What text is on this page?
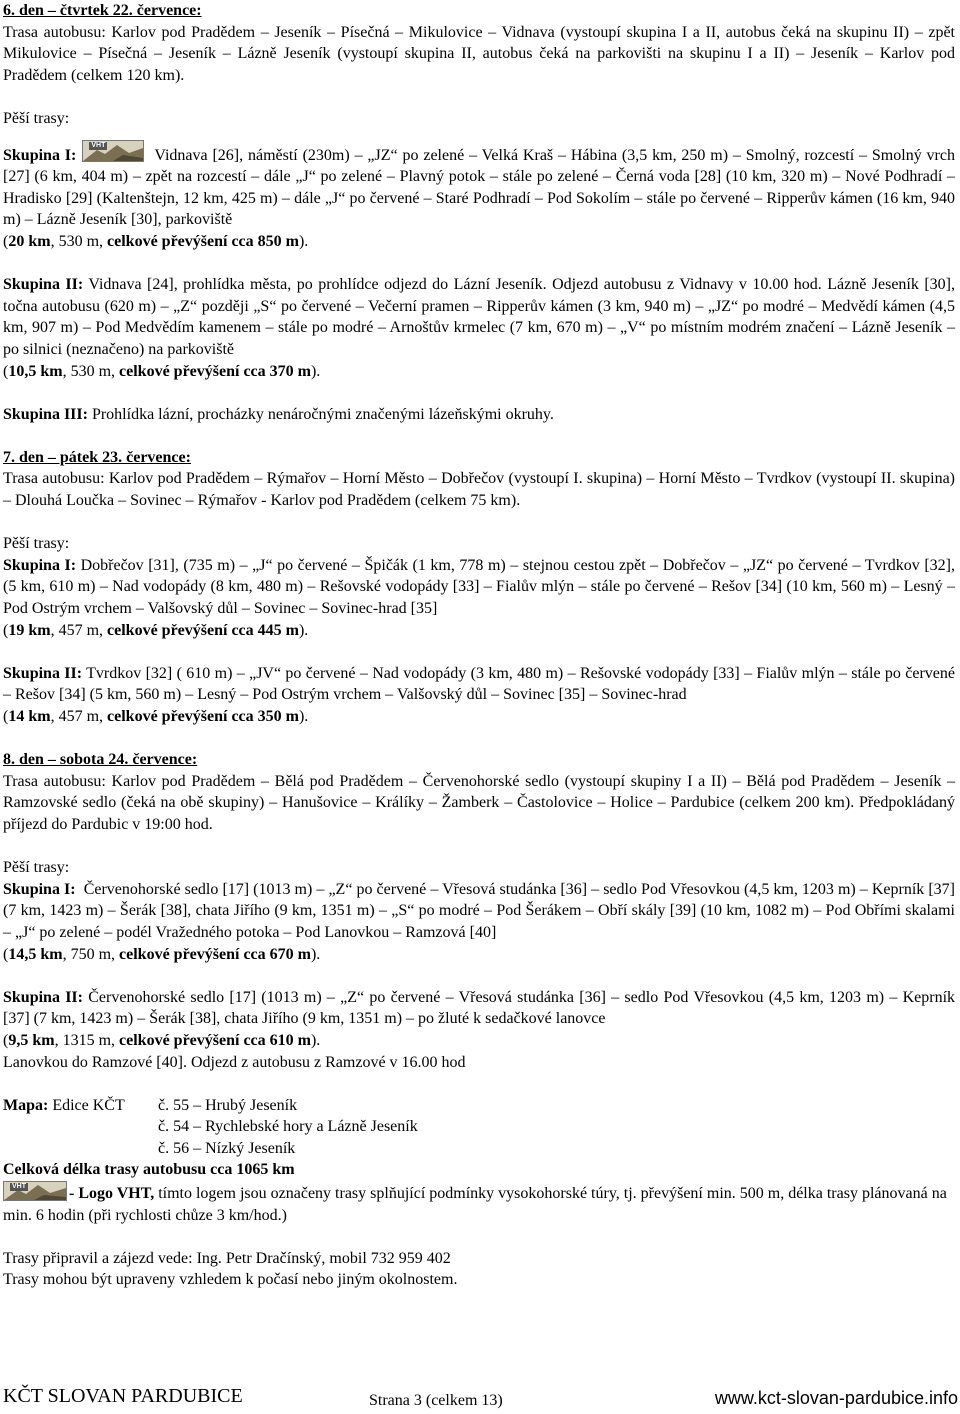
6. den – čtvrtek 22. července:

Trasa autobusu: Karlov pod Pradědem – Jeseník – Písečná – Mikulovice – Vidnava (vystoupí skupina I a II, autobus čeká na skupinu II) – zpět Mikulovice – Písečná – Jeseník – Lázně Jeseník (vystoupí skupina II, autobus čeká na parkovišti na skupinu I a II) – Jeseník – Karlov pod Pradědem (celkem 120 km).

Pěší trasy:

Skupina I:
VHT
Vidnava [26], náměstí (230m) – „JZ“ po zelené – Velká Kraš – Hábina (3,5 km, 250 m) – Smolný, rozcestí – Smolný vrch [27] (6 km, 404 m) – zpět na rozcestí – dále „J“ po zelené – Plavný potok – stále po zelené – Černá voda [28] (10 km, 320 m) – Nové Podhradí – Hradisko [29] (Kaltenštejn, 12 km, 425 m) – dále „J“ po červené – Staré Podhradí – Pod Sokolím – stále po červené – Ripperův kámen (16 km, 940 m) – Lázně Jeseník [30], parkoviště

(20 km, 530 m, celkové převýšení cca 850 m).

Skupina II: Vidnava [24], prohlídka města, po prohlídce odjezd do Lázní Jeseník. Odjezd autobusu z Vidnavy v 10.00 hod. Lázně Jeseník [30], točna autobusu (620 m) – „Z“ později „S“ po červené – Večerní pramen – Ripperův kámen (3 km, 940 m) – „JZ“ po modré – Medvědí kámen (4,5 km, 907 m) – Pod Medvědím kamenem – stále po modré – Arnoštův krmelec (7 km, 670 m) – „V“ po místním modrém značení – Lázně Jeseník – po silnici (neznačeno) na parkoviště

(10,5 km, 530 m, celkové převýšení cca 370 m).

Skupina III: Prohlídka lázní, procházky nenáročnými značenými lázeňskými okruhy.

7. den – pátek 23. července:

Trasa autobusu: Karlov pod Pradědem – Rýmařov – Horní Město – Dobřečov (vystoupí I. skupina) – Horní Město – Tvrdkov (vystoupí II. skupina) – Dlouhá Loučka – Sovinec – Rýmařov - Karlov pod Pradědem (celkem 75 km).

Pěší trasy:

Skupina I: Dobřečov [31], (735 m) – „J“ po červené – Špičák (1 km, 778 m) – stejnou cestou zpět – Dobřečov – „JZ“ po červené – Tvrdkov [32], (5 km, 610 m) – Nad vodopády (8 km, 480 m) – Rešovské vodopády [33] – Fialův mlýn – stále po červené – Rešov [34] (10 km, 560 m) – Lesný – Pod Ostrým vrchem – Valšovský důl – Sovinec – Sovinec-hrad [35]

(19 km, 457 m, celkové převýšení cca 445 m).

Skupina II: Tvrdkov [32] ( 610 m) – „JV“ po červené – Nad vodopády (3 km, 480 m) – Rešovské vodopády [33] – Fialův mlýn – stále po červené – Rešov [34] (5 km, 560 m) – Lesný – Pod Ostrým vrchem – Valšovský důl – Sovinec [35] – Sovinec-hrad

(14 km, 457 m, celkové převýšení cca 350 m).

8. den – sobota 24. července:

Trasa autobusu: Karlov pod Pradědem – Bělá pod Pradědem – Červenohorské sedlo (vystoupí skupiny I a II) – Bělá pod Pradědem – Jeseník – Ramzovské sedlo (čeká na obě skupiny) – Hanušovice – Králíky – Žamberk – Častolovice – Holice – Pardubice (celkem 200 km). Předpokládaný příjezd do Pardubic v 19:00 hod.

Pěší trasy:

Skupina I: Červenohorské sedlo [17] (1013 m) – „Z“ po červené – Vřesová studánka [36] – sedlo Pod Vřesovkou (4,5 km, 1203 m) – Keprník [37] (7 km, 1423 m) – Šerák [38], chata Jiřího (9 km, 1351 m) – „S“ po modré – Pod Šerákem – Obří skály [39] (10 km, 1082 m) – Pod Obřími skalami – „J“ po zelené – podél Vražedného potoka – Pod Lanovkou – Ramzová [40]

(14,5 km, 750 m, celkové převýšení cca 670 m).

Skupina II: Červenohorské sedlo [17] (1013 m) – „Z“ po červené – Vřesová studánka [36] – sedlo Pod Vřesovkou (4,5 km, 1203 m) – Keprník [37] (7 km, 1423 m) – Šerák [38], chata Jiřího (9 km, 1351 m) – po žluté k sedačkové lanovce

(9,5 km, 1315 m, celkové převýšení cca 610 m).

Lanovkou do Ramzové [40]. Odjezd z autobusu z Ramzové v 16.00 hod

Mapa: Edice KČT	č. 55 – Hrubý Jeseník
č. 54 – Rychlebské hory a Lázně Jeseník
č. 56 – Nízký Jeseník

Celková délka trasy autobusu cca 1065 km

VHT	- Logo VHT, tímto logem jsou označeny trasy splňující podmínky vysokohorské túry, tj. převýšení min. 500 m, délka trasy plánovaná na min. 6 hodin (při rychlosti chůze 3 km/hod.)

Trasy připravil a zájezd vede: Ing. Petr Dračínský, mobil 732 959 402

Trasy mohou být upraveny vzhledem k počasí nebo jiným okolnostem.

KČT SLOVAN PARDUBICE	Strana 3 (celkem 13)	www.kct-slovan-pardubice.info
